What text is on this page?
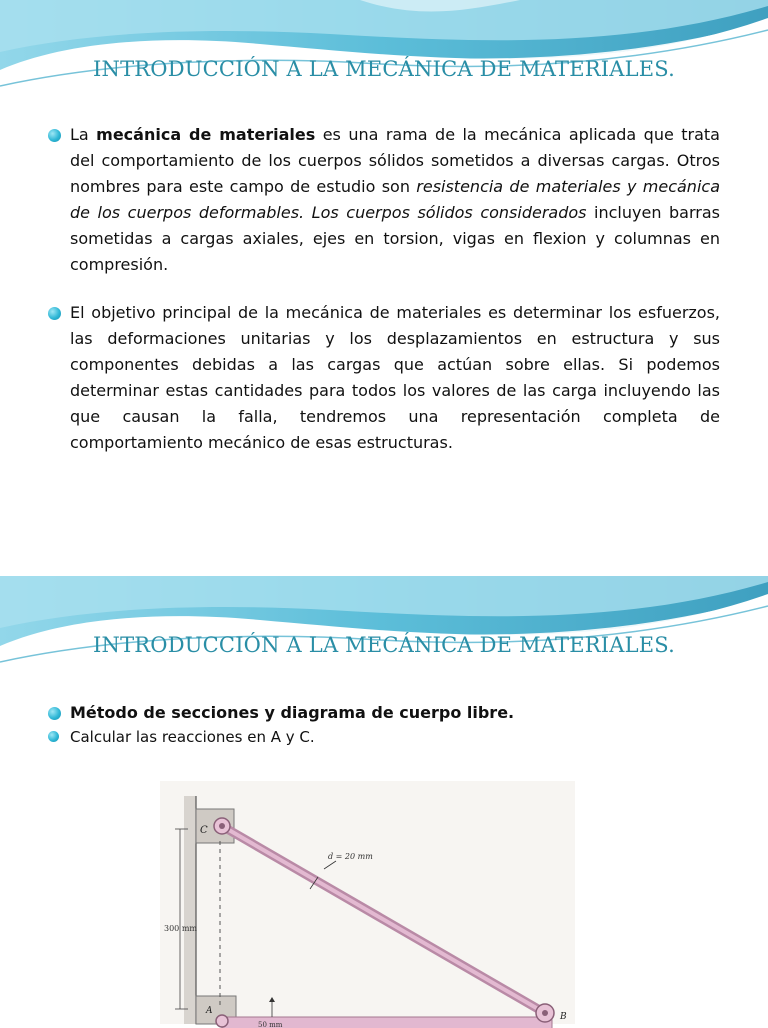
INTRODUCCIÓN A LA MECÁNICA DE MATERIALES.
La mecánica de materiales es una rama de la mecánica aplicada que trata del comportamiento de los cuerpos sólidos sometidos a diversas cargas. Otros nombres para este campo de estudio son resistencia de materiales y mecánica de los cuerpos deformables. Los cuerpos sólidos considerados incluyen barras sometidas a cargas axiales, ejes en torsion, vigas en flexion y columnas en compresión.
El objetivo principal de la mecánica de materiales es determinar los esfuerzos, las deformaciones unitarias y los desplazamientos en estructura y sus componentes debidas a las cargas que actúan sobre ellas. Si podemos determinar estas cantidades para todos los valores de las carga incluyendo las que causan la falla, tendremos una representación completa de comportamiento mecánico de esas estructuras.
INTRODUCCIÓN A LA MECÁNICA DE MATERIALES.
Método de secciones y diagrama de cuerpo libre.
Calcular las reacciones en A y C.
300 mm
C
A
B
d = 20 mm
50 mm
